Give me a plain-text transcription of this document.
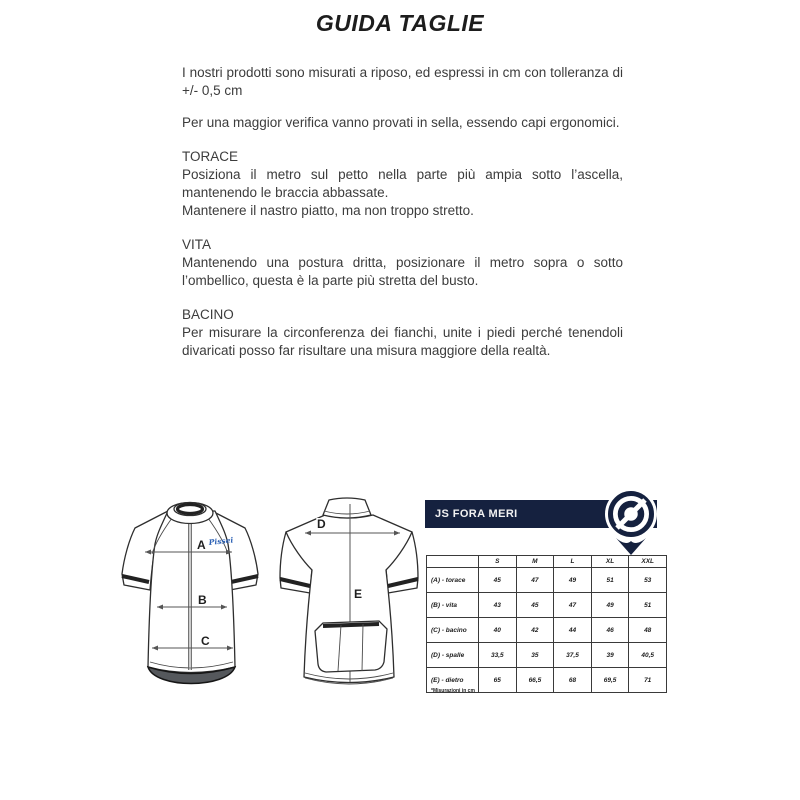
GUIDA TAGLIE

I nostri prodotti sono misurati a riposo, ed espressi in cm con tolleranza di +/- 0,5 cm

Per una maggior verifica vanno provati in sella, essendo capi ergonomici.

TORACE

Posiziona il metro sul petto nella parte più ampia sotto l’ascella, mantenendo le braccia abbassate.

Mantenere il nastro piatto, ma non troppo stretto.

VITA

Mantenendo una postura dritta, posizionare il metro sopra o sotto l’ombellico, questa è la parte più stretta del busto.

BACINO

Per misurare la circonferenza dei fianchi, unite i piedi perché tenendoli divaricati posso far risultare una misura maggiore della realtà.

A Pissei
B
C
D
E
JS FORA MERI
	S	M	L	XL	XXL
(A) - torace	45	47	49	51	53
(B) - vita	43	45	47	49	51
(C) - bacino	40	42	44	46	48
(D) - spalle	33,5	35	37,5	39	40,5
(E) - dietro	65	66,5	68	69,5	71
*Misurazioni in cm
